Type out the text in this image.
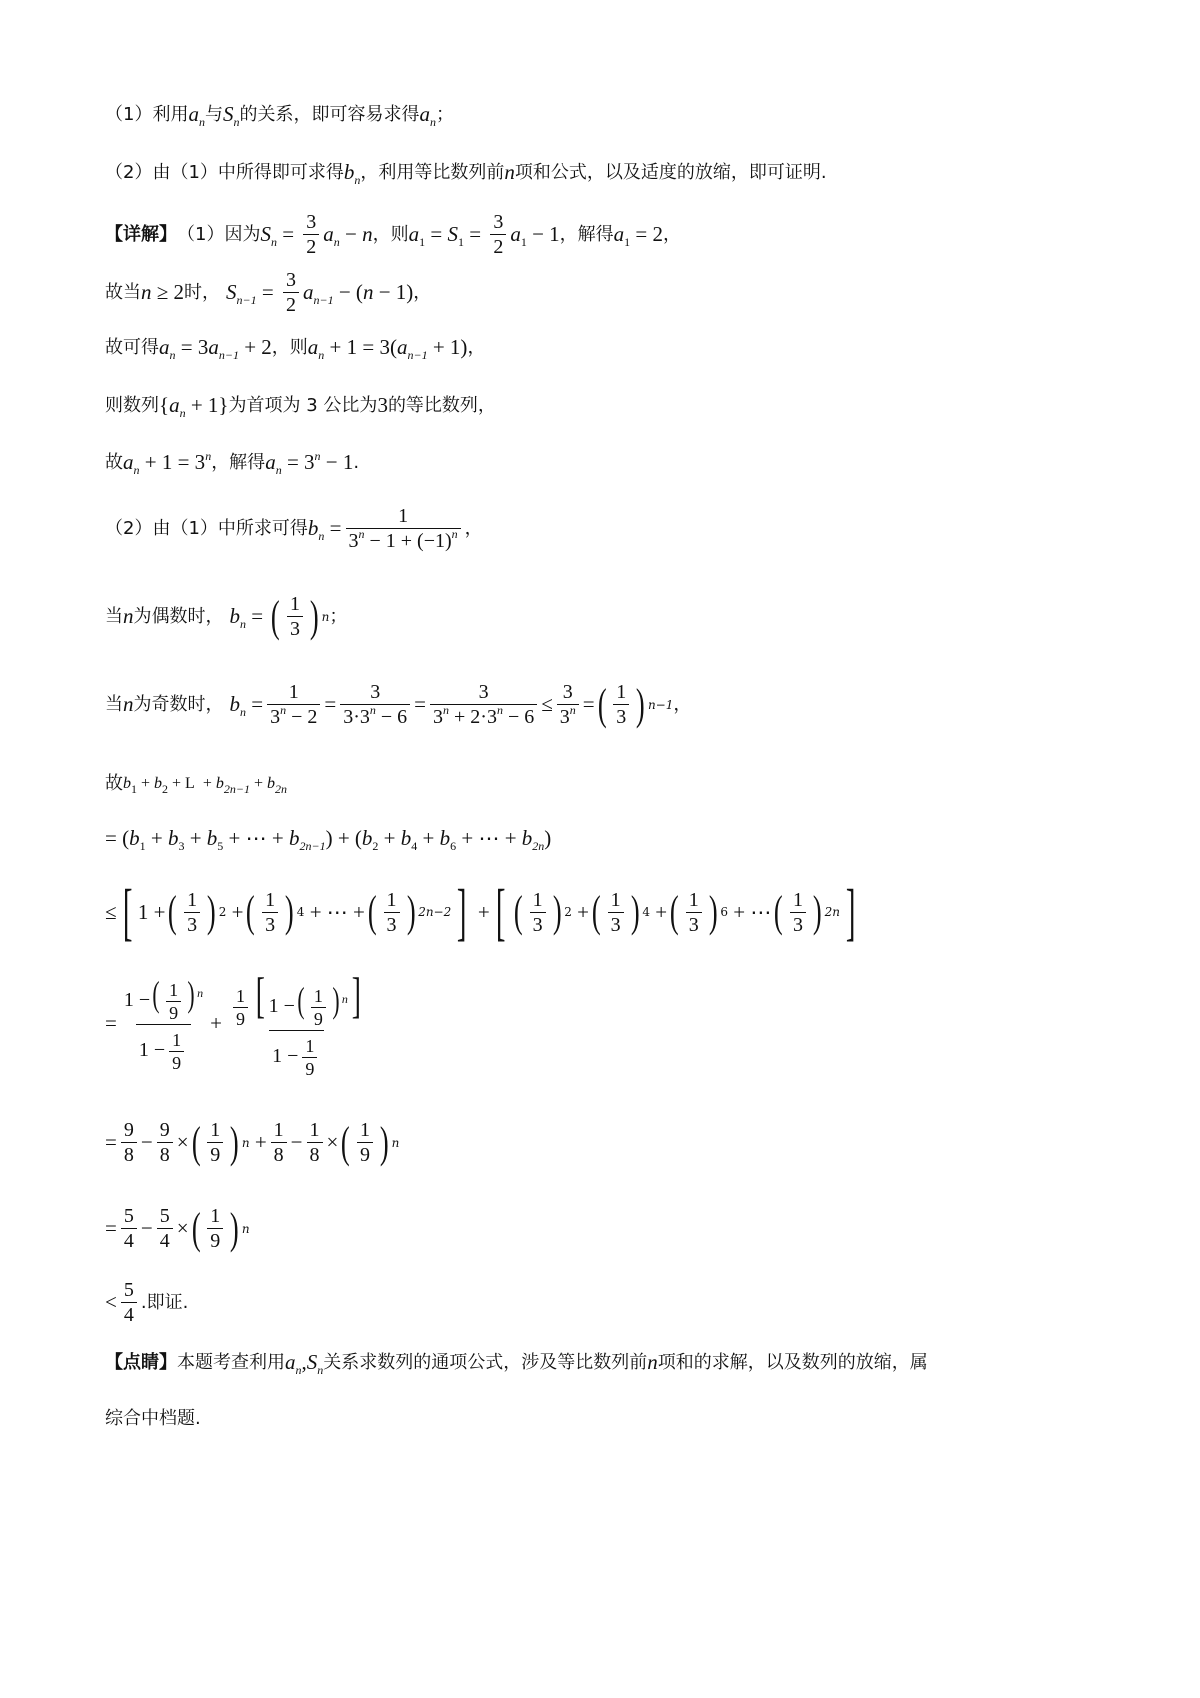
（1）利用 $a_n$ 与 $S_n$ 的关系，即可容易求得 $a_n$ ；
（2）由（1）中所得即可求得 $b_n$ ，利用等比数列前 n 项和公式，以及适度的放缩，即可证明.
【详解】 （1）因为 $S_n = \frac{3}{2} a_n - n$ ，则 $a_1 = S_1 = \frac{3}{2} a_1 - 1$ ，解得 $a_1 = 2$ ，
故当 n ≥ 2 时， $S_{n-1} = \frac{3}{2} a_{n-1}$ − ( n − 1) ，
故可得 $a_n = 3$ $a_{n-1} + 2$ ，则 $a_n + 1 = 3$( $a_{n-1} + 1$) ，
则数列 { $a_n + 1$} 为首项为 3 公比为 3 的等比数列，
故 $a_n + 1 = 3^n$ ，解得 $a_n = 3^n - 1$ .
（2）由（1）中所求可得 $b_n = \frac{1}{3^n - 1 + (-1)^n}$ ，
当 n 为偶数时， $b_n$ = ( 1
3 ) n ；
当 n 为奇数时， $b_n = \frac{1}{3^n - 2} = \frac{3}{3\cdot 3^n - 6} = \frac{3}{3^n + 2\cdot 3^n - 6} \le \frac{3}{3^n}$ = ( 1
3 ) n−1 ，
故 $b_1 + b_2 + L + b_{2n-1} + b_{2n}$
= ( $b_1 + b_3 + b_5$ + ⋯ + $b_{2n-1}$ ) + ( $b_2 + b_4 + b_6$ + ⋯ + $b_{2n}$ )
≤ [ 1 + ( 1
3 ) 2 + ( 1
3 ) 4 + ⋯ + ( 1
3 ) 2n−2 ] + [ ( 1
3 ) 2 + ( 1
3 ) 4 + ( 1
3 ) 6 + ⋯ ( 1
3 ) 2n ]
= $\frac{1 -( \frac{1}{9} ) ^n}{1 - \frac{1}{9}} + \frac{\frac{1}{9} [ 1 -( \frac{1}{9} ) ^n]}{1 - \frac{1}{9}}$
= $\frac{9}{8} - \frac{9}{8}$ × ( 1
9 ) $n + \frac{1}{8} - \frac{1}{8}$ × ( 1
9 ) n
= $\frac{5}{4} - \frac{5}{4}$ × ( 1
9 ) n
< 5
4
.即证.
【点睛】 本题考查利用 $a_n$ , $S_n$ 关系求数列的通项公式，涉及等比数列前 n 项和的求解，以及数列的放缩，属
综合中档题.
